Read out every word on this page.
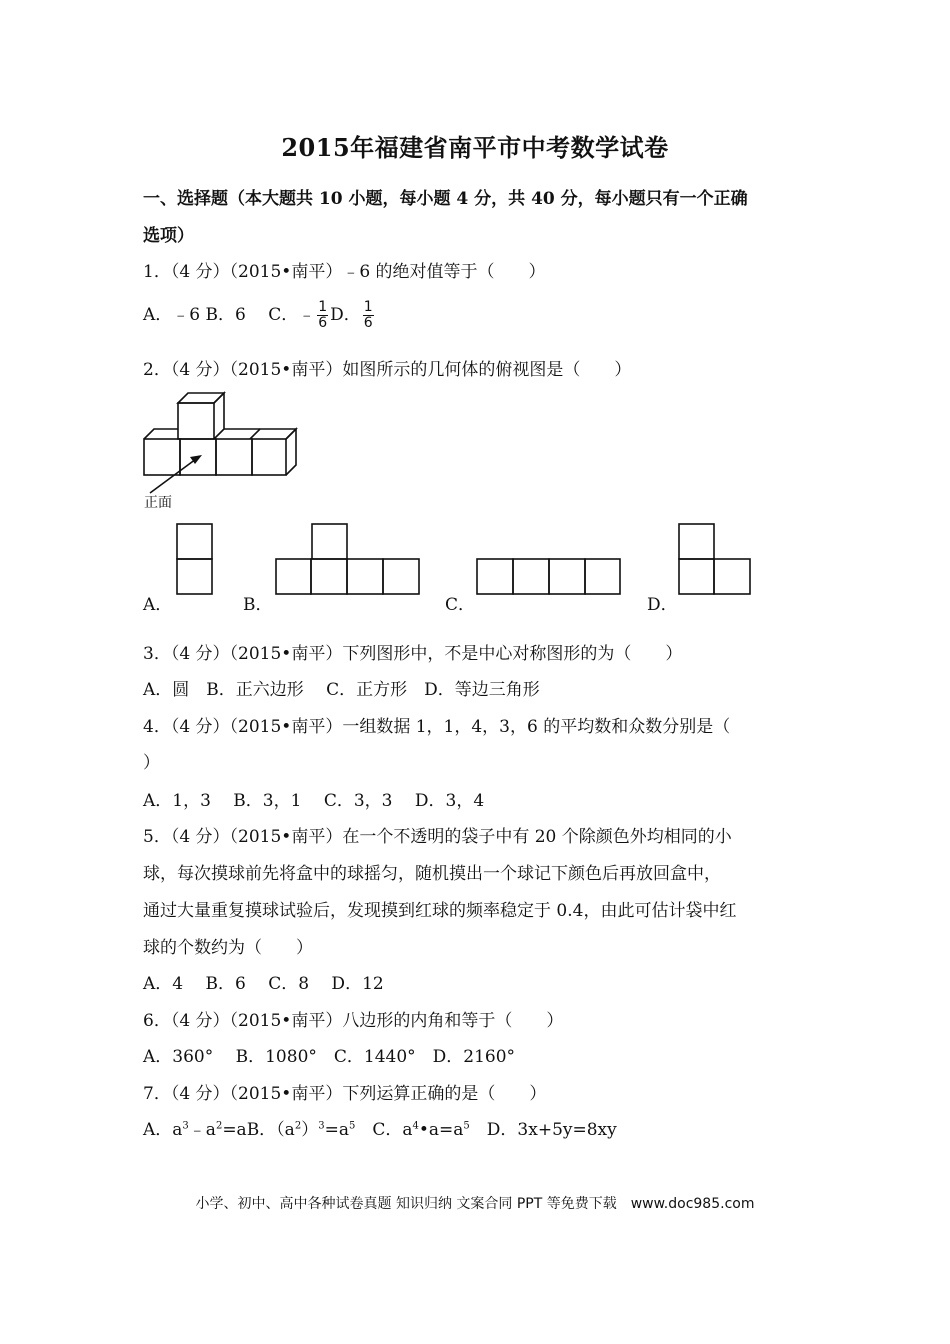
2015年福建省南平市中考数学试卷
一、选择题（本大题共 10 小题，每小题 4 分，共 40 分，每小题只有一个正确
选项）
1．（4 分）（2015•南平）﹣6 的绝对值等于（　　）
A．﹣6 B．6　 C．﹣ $\frac{1}{6}$ D． $\frac{1}{6}$
2．（4 分）（2015•南平）如图所示的几何体的俯视图是（　　）
正面
A．	B．	C．	D．
3．（4 分）（2015•南平）下列图形中，不是中心对称图形的为（　　）
A．圆　B．正六边形　 C．正方形　D．等边三角形
4．（4 分）（2015•南平）一组数据 1，1，4，3，6 的平均数和众数分别是（
）
A．1，3　 B．3，1　 C．3，3　 D．3，4
5．（4 分）（2015•南平）在一个不透明的袋子中有 20 个除颜色外均相同的小
球，每次摸球前先将盒中的球摇匀，随机摸出一个球记下颜色后再放回盒中，
通过大量重复摸球试验后，发现摸到红球的频率稳定于 0.4，由此可估计袋中红
球的个数约为（　　）
A．4　 B．6　 C．8　 D．12
6．（4 分）（2015•南平）八边形的内角和等于（　　）
A．360°　 B．1080°　C．1440°　D．2160°
7．（4 分）（2015•南平）下列运算正确的是（　　）
A．$a^3﹣a^2=aB$．$(a^2)^3=a^5$　C．$a^4•a=a^5$　D．3x+5y=8xy
小学、初中、高中各种试卷真题 知识归纳 文案合同 PPT 等免费下载　www.doc985.com
